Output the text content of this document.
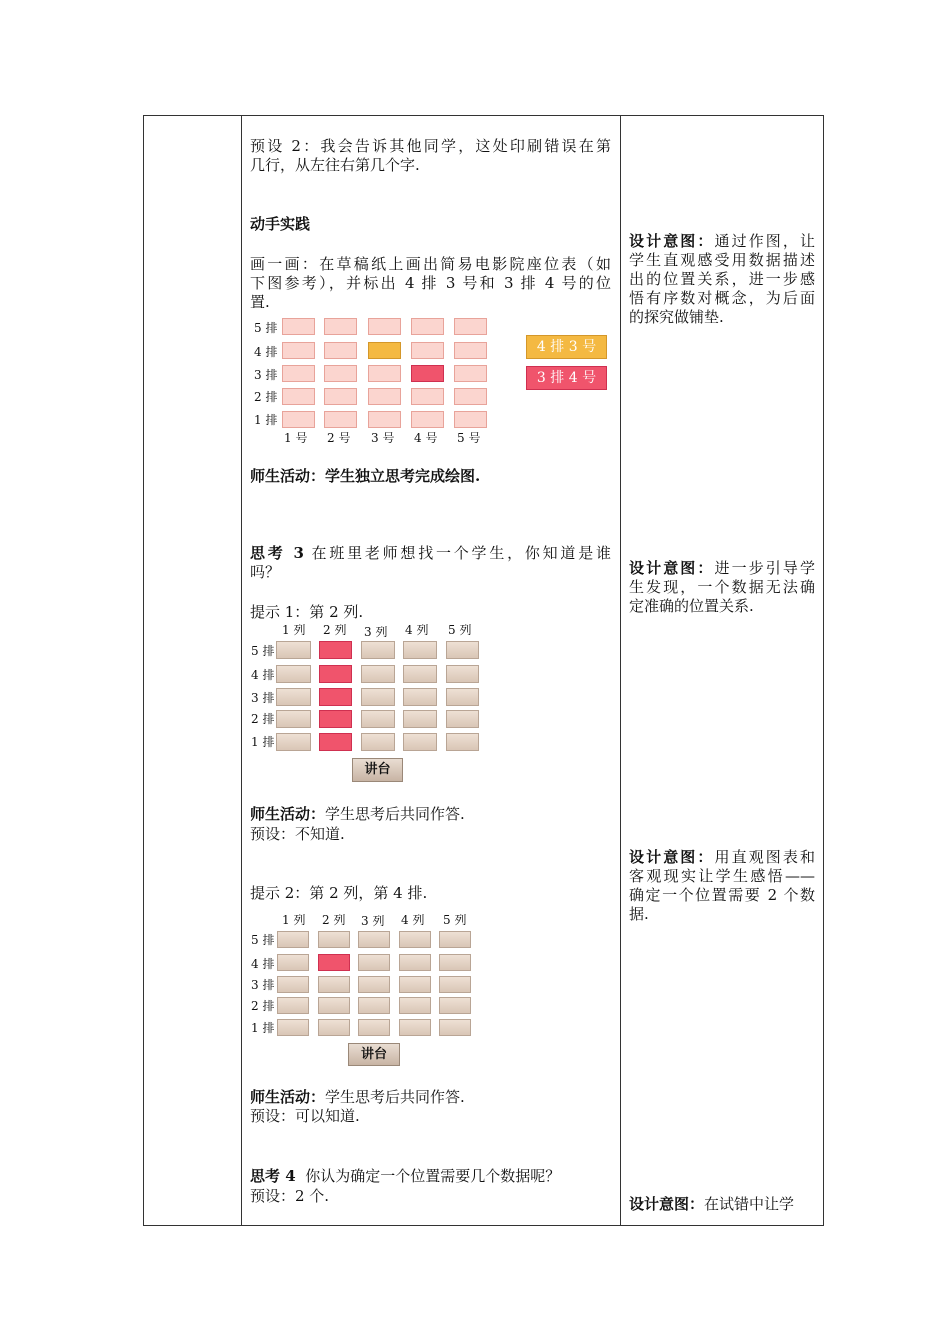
预设 2：我会告诉其他同学，这处印刷错误在第
几行，从左往右第几个字.
动手实践
画一画：在草稿纸上画出简易电影院座位表（如
下图参考），并标出 4 排 3 号和 3 排 4 号的位
置.
5 排
4 排
3 排
2 排
1 排
1 号 2 号 3 号 4 号 5 号
4 排 3 号
3 排 4 号
师生活动：学生独立思考完成绘图.
思考 3 在班里老师想找一个学生，你知道是谁
吗？
提示 1：第 2 列.
1 列 2 列 3 列 4 列 5 列
5 排
4 排
3 排
2 排
1 排
讲台
师生活动：学生思考后共同作答.
预设：不知道.
提示 2：第 2 列，第 4 排.
1 列 2 列 3 列 4 列 5 列
5 排
4 排
3 排
2 排
1 排
讲台
师生活动：学生思考后共同作答.
预设：可以知道.
思考 4 你认为确定一个位置需要几个数据呢？
预设：2 个.
设计意图：通过作图，让
学生直观感受用数据描述
出的位置关系，进一步感
悟有序数对概念，为后面
的探究做铺垫.
设计意图：进一步引导学
生发现，一个数据无法确
定准确的位置关系.
设计意图：用直观图表和
客观现实让学生感悟——
确定一个位置需要 2 个数
据.
设计意图：在试错中让学
